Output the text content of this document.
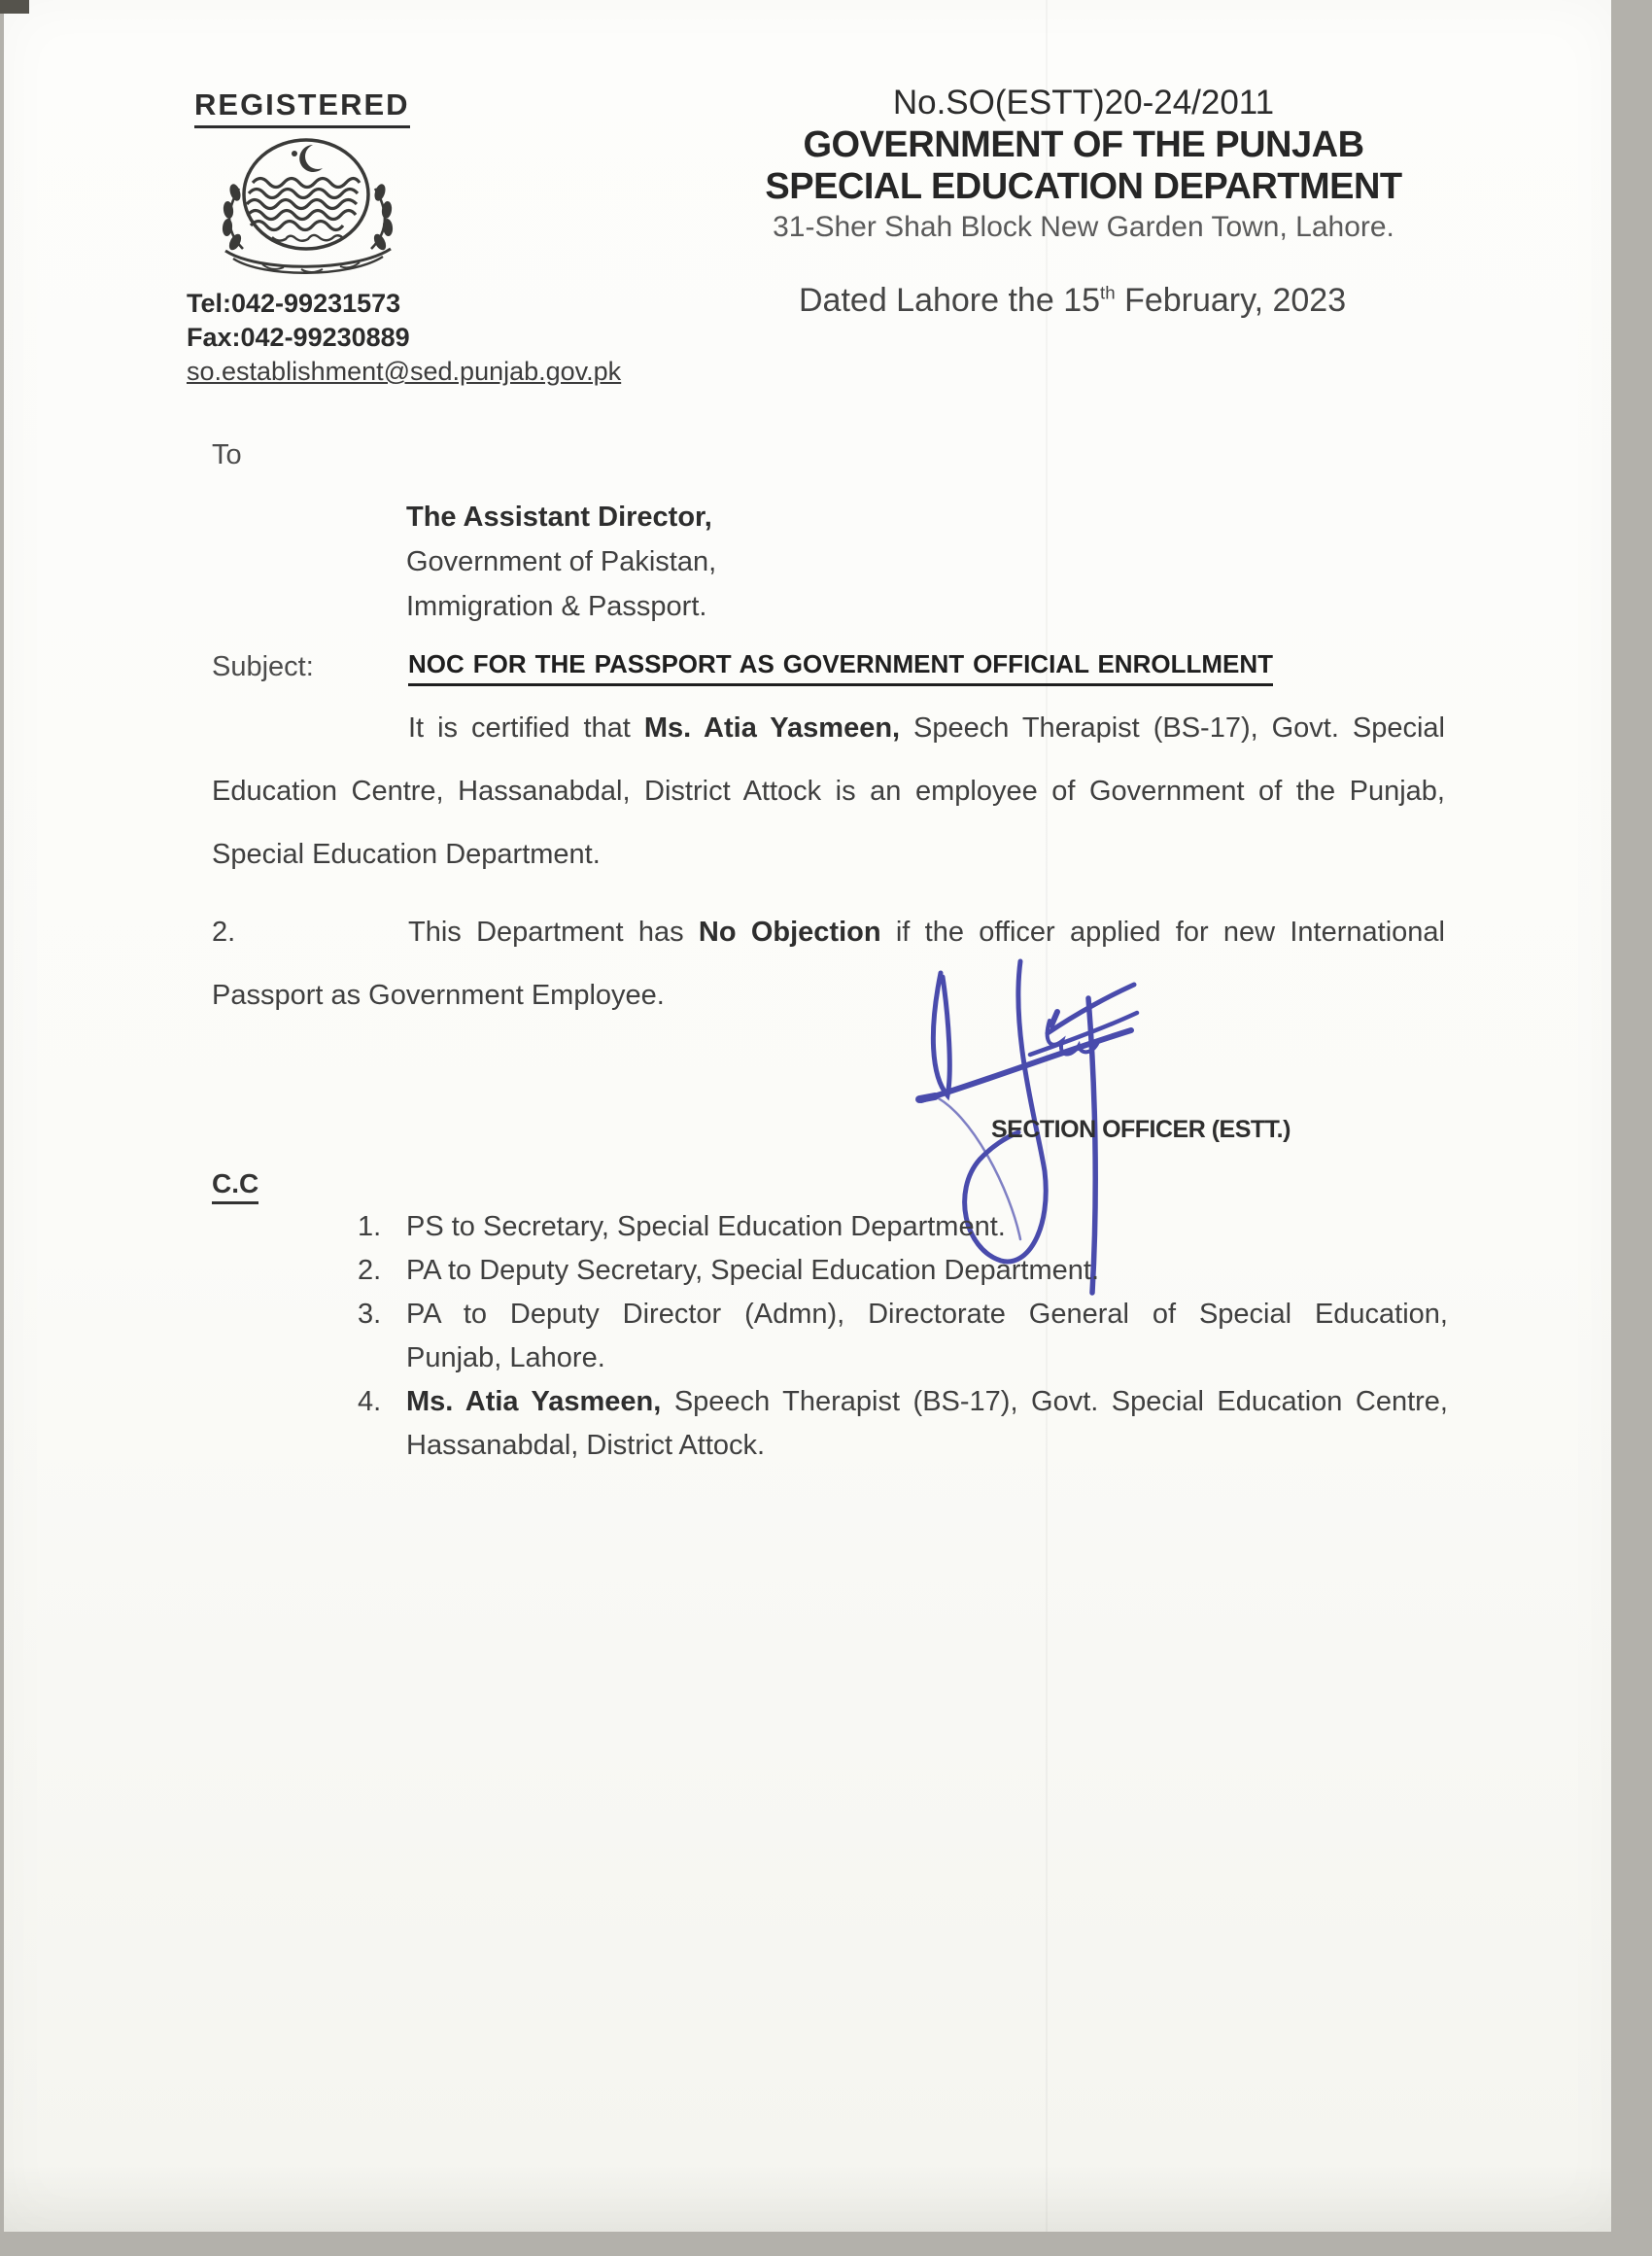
REGISTERED
Tel:042-99231573
Fax:042-99230889
so.establishment@sed.punjab.gov.pk
No.SO(ESTT)20-24/2011
GOVERNMENT OF THE PUNJAB
SPECIAL EDUCATION DEPARTMENT
31-Sher Shah Block New Garden Town, Lahore.
Dated Lahore the 15th February, 2023
To
The Assistant Director,
Government of Pakistan,
Immigration & Passport.
Subject:	NOC FOR THE PASSPORT AS GOVERNMENT OFFICIAL ENROLLMENT
It is certified that Ms. Atia Yasmeen, Speech Therapist (BS-17), Govt. Special
Education Centre, Hassanabdal, District Attock is an employee of Government of the Punjab,
Special Education Department.
2.	This Department has No Objection if the officer applied for new International
Passport as Government Employee.
SECTION OFFICER (ESTT.)
C.C
1. PS to Secretary, Special Education Department.
2. PA to Deputy Secretary, Special Education Department.
3. PA to Deputy Director (Admn), Directorate General of Special Education,
Punjab, Lahore.
4. Ms. Atia Yasmeen, Speech Therapist (BS-17), Govt. Special Education Centre,
Hassanabdal, District Attock.
